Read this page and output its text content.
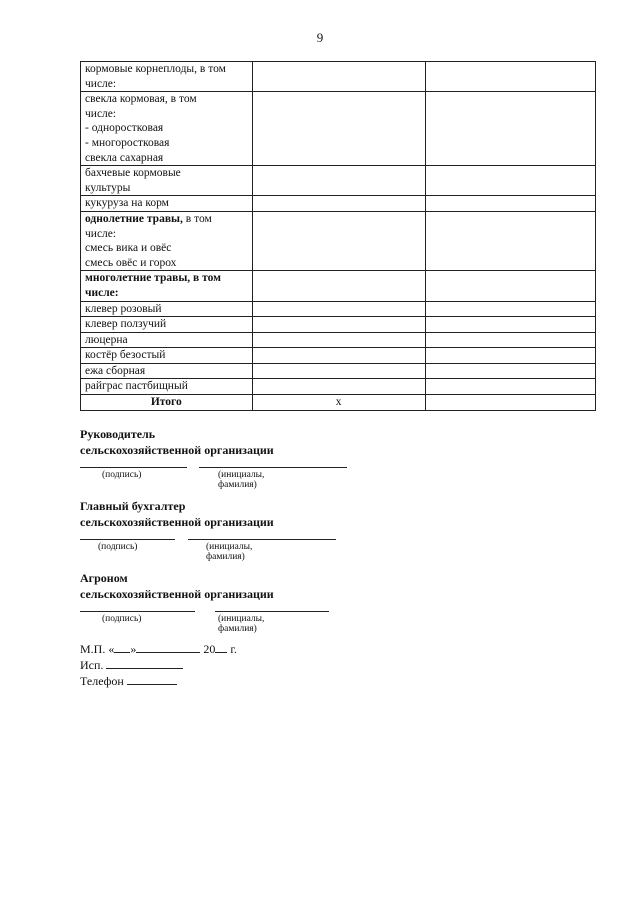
9
кормовые корнеплоды, в том
числе:		

свекла кормовая, в том
числе:
- одноростковая
- многоростковая
свекла сахарная		

бахчевые кормовые
культуры		

кукуруза на корм		

однолетние травы, в том
числе:
смесь вика и овёс
смесь овёс и горох		

многолетние травы, в том
числе:		

клевер розовый		

клевер ползучий		

люцерна		

костёр безостый		

ежа сборная		

райграс пастбищный		

Итого	x	
Руководитель
сельскохозяйственной организации
(подпись)	(инициалы, фамилия)
Главный бухгалтер
сельскохозяйственной организации
(подпись)	(инициалы, фамилия)
Агроном
сельскохозяйственной организации
(подпись)	(инициалы, фамилия)
М.П. « »	20 г.
Исп.
Телефон
